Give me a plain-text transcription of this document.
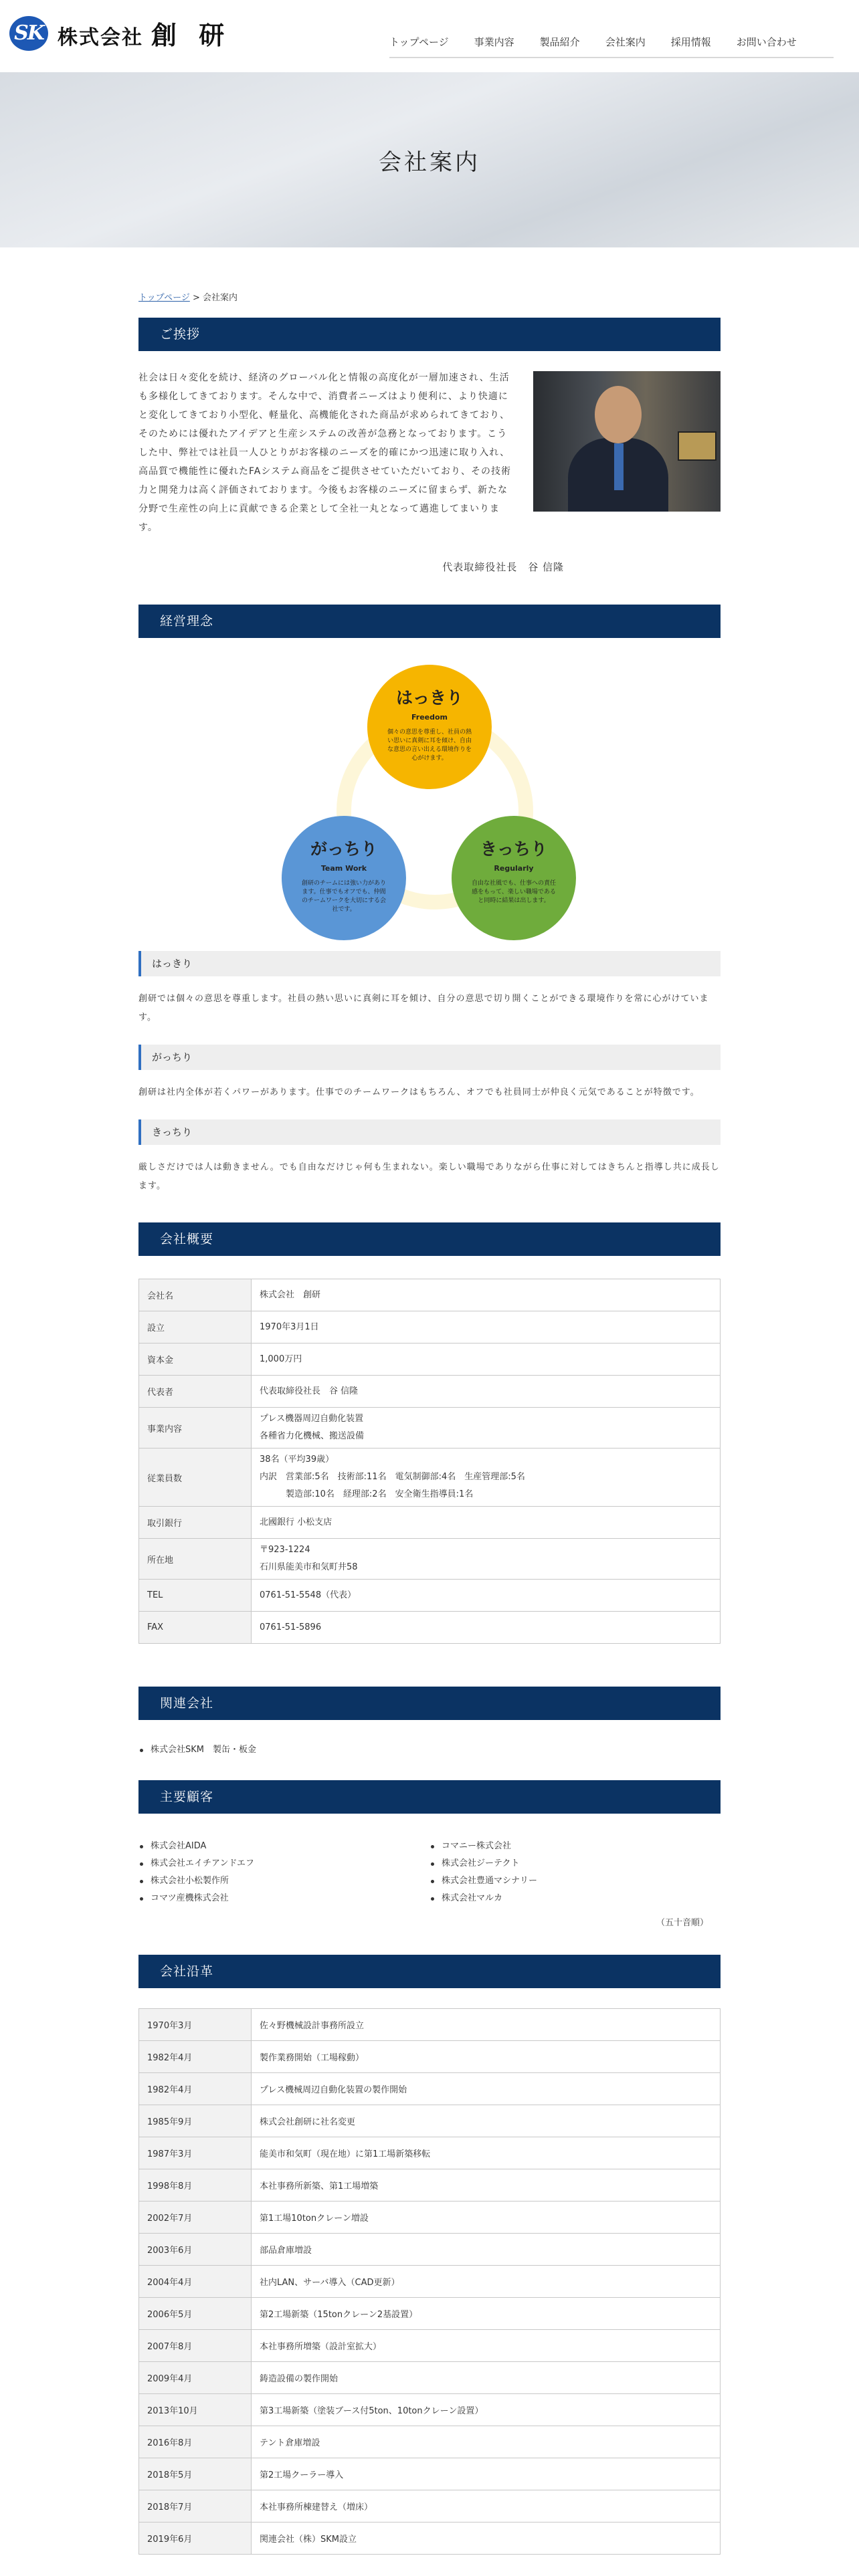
SK 株式会社 創 研	トップページ	事業内容	製品紹介	会社案内	採用情報	お問い合わせ
会社案内
トップページ > 会社案内
ご挨拶

社会は日々変化を続け、経済のグローバル化と情報の高度化が一層加速され、生活も多様化してきております。そんな中で、消費者ニーズはより便利に、より快適にと変化してきており小型化、軽量化、高機能化された商品が求められてきており、そのためには優れたアイデアと生産システムの改善が急務となっております。こうした中、弊社では社員一人ひとりがお客様のニーズを的確にかつ迅速に取り入れ、高品質で機能性に優れたFAシステム商品をご提供させていただいており、その技術力と開発力は高く評価されております。今後もお客様のニーズに留まらず、新たな分野で生産性の向上に貢献できる企業として全社一丸となって邁進してまいります。

代表取締役社長　谷 信隆
経営理念
はっきり
Freedom
個々の意思を尊重し、社員の熱い思いに真剣に耳を傾け、自由な意思の言い出える環境作りを心がけます。
がっちり
Team Work
創研のチームには強い力があります。仕事でもオフでも、仲間のチームワークを大切にする会社です。
きっちり
Regularly
自由な社風でも、仕事への責任感をもって、楽しい職場であると同時に結果は出します。
はっきり

創研では個々の意思を尊重します。社員の熱い思いに真剣に耳を傾け、自分の意思で切り開くことができる環境作りを常に心がけています。

がっちり

創研は社内全体が若くパワーがあります。仕事でのチームワークはもちろん、オフでも社員同士が仲良く元気であることが特徴です。

きっちり

厳しさだけでは人は動きません。でも自由なだけじゃ何も生まれない。楽しい職場でありながら仕事に対してはきちんと指導し共に成長します。

会社概要
会社名	株式会社　創研

設立	1970年3月1日

資本金	1,000万円

代表者	代表取締役社長　谷 信隆

事業内容	プレス機器周辺自動化装置
各種省力化機械、搬送設備

従業員数	38名（平均39歳）
内訳　営業部:5名　技術部:11名　電気制御部:4名　生産管理部:5名
　　　製造部:10名　経理部:2名　安全衛生指導員:1名

取引銀行	北國銀行 小松支店

所在地	〒923-1224
石川県能美市和気町井58

TEL	0761-51-5548（代表）

FAX	0761-51-5896
関連会社
株式会社SKM　製缶・板金
主要顧客
株式会社AIDA
株式会社エイチアンドエフ
株式会社小松製作所
コマツ産機株式会社
コマニー株式会社
株式会社ジーテクト
株式会社豊通マシナリー
株式会社マルカ
（五十音順）
会社沿革
1970年3月	佐々野機械設計事務所設立
1982年4月	製作業務開始（工場稼動）
1982年4月	プレス機械周辺自動化装置の製作開始
1985年9月	株式会社創研に社名変更
1987年3月	能美市和気町（現在地）に第1工場新築移転
1998年8月	本社事務所新築、第1工場増築
2002年7月	第1工場10tonクレーン増設
2003年6月	部品倉庫増設
2004年4月	社内LAN、サーバ導入（CAD更新）
2006年5月	第2工場新築（15tonクレーン2基設置）
2007年8月	本社事務所増築（設計室拡大）
2009年4月	鋳造設備の製作開始
2013年10月	第3工場新築（塗装ブース付5ton、10tonクレーン設置）
2016年8月	テント倉庫増設
2018年5月	第2工場クーラー導入
2018年7月	本社事務所棟建替え（増床）
2019年6月	関連会社（株）SKM設立
